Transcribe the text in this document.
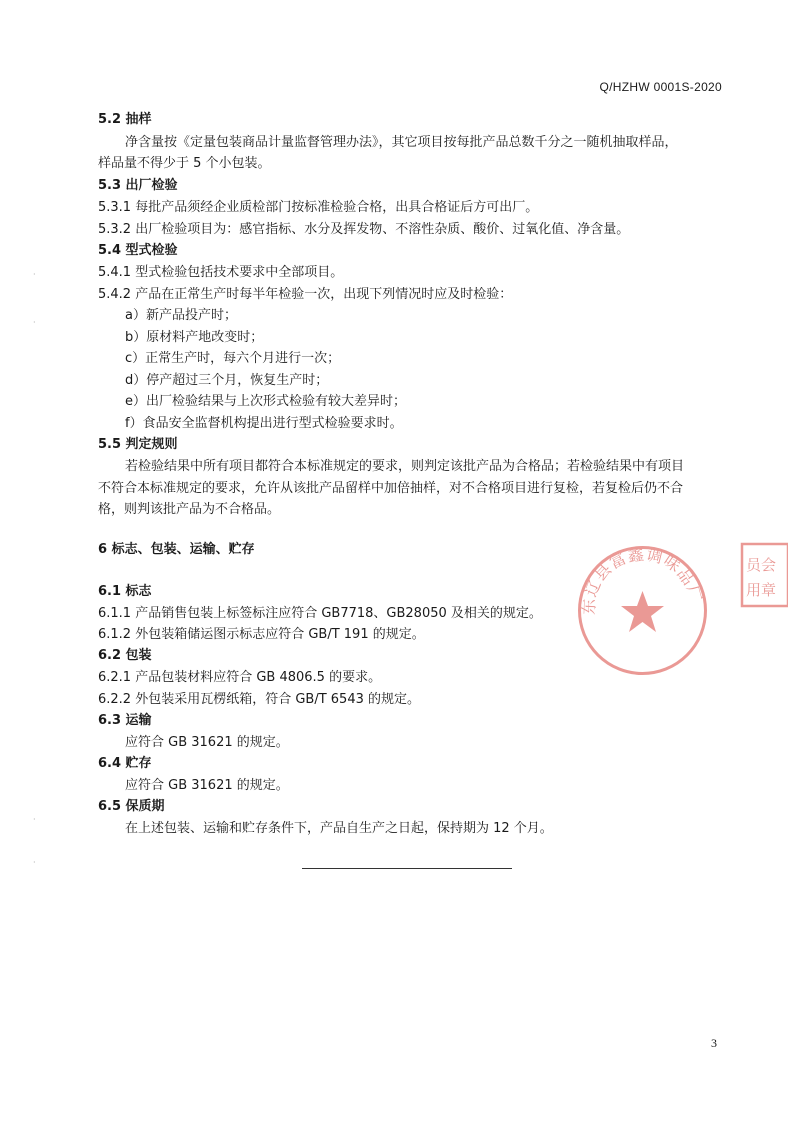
Q/HZHW 0001S-2020
5.2 抽样
净含量按《定量包装商品计量监督管理办法》，其它项目按每批产品总数千分之一随机抽取样品，
样品量不得少于 5 个小包装。
5.3 出厂检验
5.3.1 每批产品须经企业质检部门按标准检验合格，出具合格证后方可出厂。
5.3.2 出厂检验项目为：感官指标、水分及挥发物、不溶性杂质、酸价、过氧化值、净含量。
5.4 型式检验
5.4.1 型式检验包括技术要求中全部项目。
5.4.2 产品在正常生产时每半年检验一次，出现下列情况时应及时检验：
a）新产品投产时；
b）原材料产地改变时；
c）正常生产时，每六个月进行一次；
d）停产超过三个月，恢复生产时；
e）出厂检验结果与上次形式检验有较大差异时；
f）食品安全监督机构提出进行型式检验要求时。
5.5 判定规则
若检验结果中所有项目都符合本标准规定的要求，则判定该批产品为合格品；若检验结果中有项目
不符合本标准规定的要求，允许从该批产品留样中加倍抽样，对不合格项目进行复检，若复检后仍不合
格，则判该批产品为不合格品。
6 标志、包装、运输、贮存
6.1 标志
6.1.1 产品销售包装上标签标注应符合 GB7718、GB28050 及相关的规定。
6.1.2 外包装箱储运图示标志应符合 GB/T 191 的规定。
6.2 包装
6.2.1 产品包装材料应符合 GB 4806.5 的要求。
6.2.2 外包装采用瓦楞纸箱，符合 GB/T 6543 的规定。
6.3 运输
应符合 GB 31621 的规定。
6.4 贮存
应符合 GB 31621 的规定。
6.5 保质期
在上述包装、运输和贮存条件下，产品自生产之日起，保持期为 12 个月。
东辽县富鑫调味品厂
员会
用章
·
·
·
·
3
